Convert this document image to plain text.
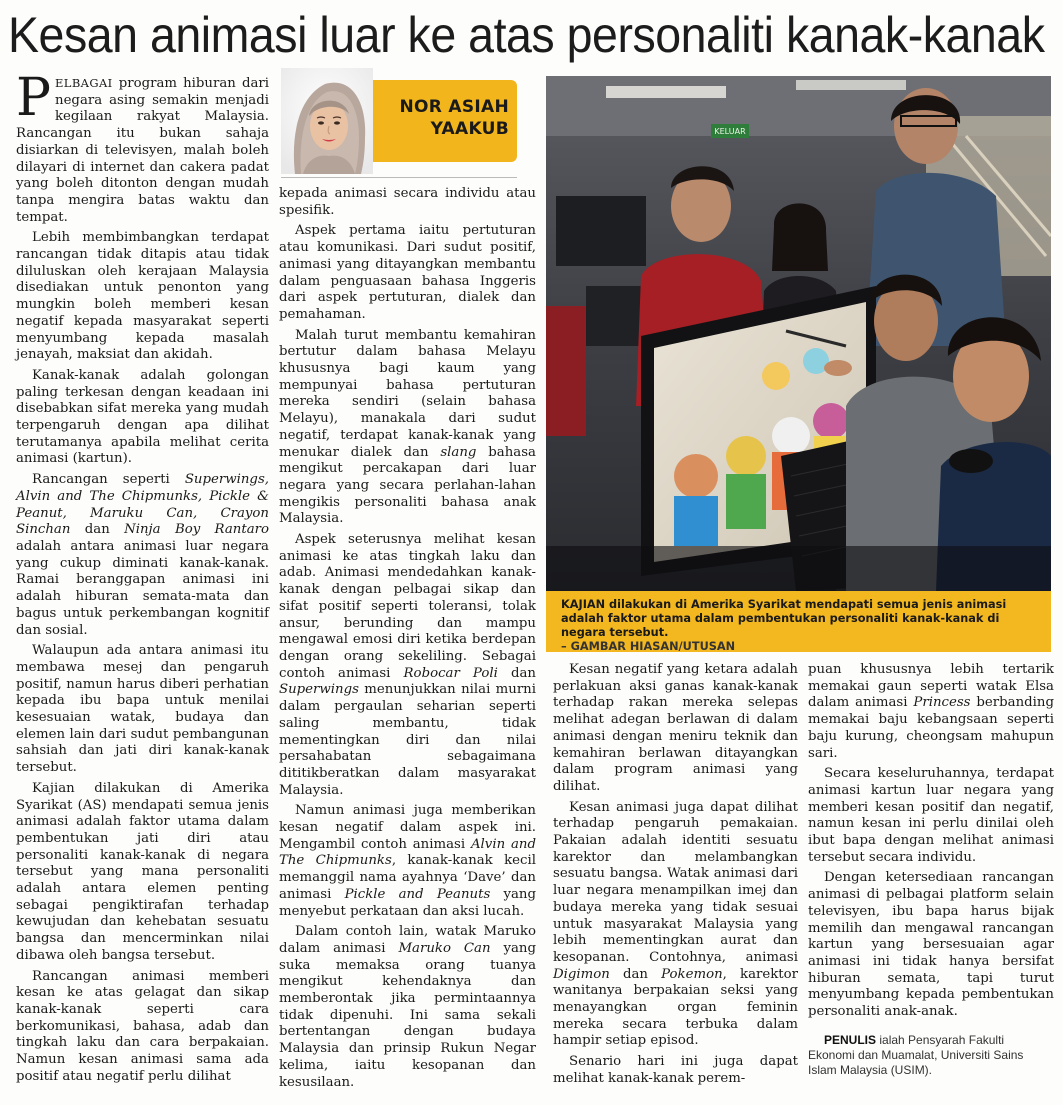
Kesan animasi luar ke atas personaliti kanak-kanak

PELBAGAI program hiburan dari negara asing semakin menjadi kegilaan rakyat Malaysia. Rancangan itu bukan sahaja disiarkan di televisyen, malah boleh dilayari di internet dan cakera padat yang boleh ditonton dengan mudah tanpa mengira batas waktu dan tempat.

Lebih membimbangkan terdapat rancangan tidak ditapis atau tidak diluluskan oleh kerajaan Malaysia disediakan untuk penonton yang mungkin boleh memberi kesan negatif kepada masyarakat seperti menyumbang kepada masalah jenayah, maksiat dan akidah.

Kanak-kanak adalah golongan paling terkesan dengan keadaan ini disebabkan sifat mereka yang mudah terpengaruh dengan apa dilihat terutamanya apabila melihat cerita animasi (kartun).

Rancangan seperti Superwings, Alvin and The Chipmunks, Pickle & Peanut, Maruku Can, Crayon Sinchan dan Ninja Boy Rantaro adalah antara animasi luar negara yang cukup diminati kanak-kanak. Ramai beranggapan animasi ini adalah hiburan semata-mata dan bagus untuk perkembangan kognitif dan sosial.

Walaupun ada antara animasi itu membawa mesej dan pengaruh positif, namun harus diberi perhatian kepada ibu bapa untuk menilai kesesuaian watak, budaya dan elemen lain dari sudut pembangunan sahsiah dan jati diri kanak-kanak tersebut.

Kajian dilakukan di Amerika Syarikat (AS) mendapati semua jenis animasi adalah faktor utama dalam pembentukan jati diri atau personaliti kanak-kanak di negara tersebut yang mana personaliti adalah antara elemen penting sebagai pengiktirafan terhadap kewujudan dan kehebatan sesuatu bangsa dan mencerminkan nilai dibawa oleh bangsa tersebut.

Rancangan animasi memberi kesan ke atas gelagat dan sikap kanak-kanak seperti cara berkomunikasi, bahasa, adab dan tingkah laku dan cara berpakaian. Namun kesan animasi sama ada positif atau negatif perlu dilihat

NOR ASIAH
YAAKUB

kepada animasi secara individu atau spesifik.

Aspek pertama iaitu pertuturan atau komunikasi. Dari sudut positif, animasi yang ditayangkan membantu dalam penguasaan bahasa Inggeris dari aspek pertuturan, dialek dan pemahaman.

Malah turut membantu kemahiran bertutur dalam bahasa Melayu khususnya bagi kaum yang mempunyai bahasa pertuturan mereka sendiri (selain bahasa Melayu), manakala dari sudut negatif, terdapat kanak-kanak yang menukar dialek dan slang bahasa mengikut percakapan dari luar negara yang secara perlahan-lahan mengikis personaliti bahasa anak Malaysia.

Aspek seterusnya melihat kesan animasi ke atas tingkah laku dan adab. Animasi mendedahkan kanak-kanak dengan pelbagai sikap dan sifat positif seperti toleransi, tolak ansur, berunding dan mampu mengawal emosi diri ketika berdepan dengan orang sekeliling. Sebagai contoh animasi Robocar Poli dan Superwings menunjukkan nilai murni dalam pergaulan seharian seperti saling membantu, tidak mementingkan diri dan nilai persahabatan sebagaimana dititikberatkan dalam masyarakat Malaysia.

Namun animasi juga memberikan kesan negatif dalam aspek ini. Mengambil contoh animasi Alvin and The Chipmunks, kanak-kanak kecil memanggil nama ayahnya ‘Dave’ dan animasi Pickle and Peanuts yang menyebut perkataan dan aksi lucah.

Dalam contoh lain, watak Maruko dalam animasi Maruko Can yang suka memaksa orang tuanya mengikut kehendaknya dan memberontak jika permintaannya tidak dipenuhi. Ini sama sekali bertentangan dengan budaya Malaysia dan prinsip Rukun Negar kelima, iaitu kesopanan dan kesusilaan.

KELUAR
KAJIAN dilakukan di Amerika Syarikat mendapati semua jenis animasi adalah faktor utama dalam pembentukan personaliti kanak-kanak di negara tersebut.
– GAMBAR HIASAN/UTUSAN

Kesan negatif yang ketara adalah perlakuan aksi ganas kanak-kanak terhadap rakan mereka selepas melihat adegan berlawan di dalam animasi dengan meniru teknik dan kemahiran berlawan ditayangkan dalam program animasi yang dilihat.

Kesan animasi juga dapat dilihat terhadap pengaruh pemakaian. Pakaian adalah identiti sesuatu karektor dan melambangkan sesuatu bangsa. Watak animasi dari luar negara menampilkan imej dan budaya mereka yang tidak sesuai untuk masyarakat Malaysia yang lebih mementingkan aurat dan kesopanan. Contohnya, animasi Digimon dan Pokemon, karektor wanitanya berpakaian seksi yang menayangkan organ feminin mereka secara terbuka dalam hampir setiap episod.

Senario hari ini juga dapat melihat kanak-kanak perem-

puan khususnya lebih tertarik memakai gaun seperti watak Elsa dalam animasi Princess berbanding memakai baju kebangsaan seperti baju kurung, cheongsam mahupun sari.

Secara keseluruhannya, terdapat animasi kartun luar negara yang memberi kesan positif dan negatif, namun kesan ini perlu dinilai oleh ibut bapa dengan melihat animasi tersebut secara individu.

Dengan ketersediaan rancangan animasi di pelbagai platform selain televisyen, ibu bapa harus bijak memilih dan mengawal rancangan kartun yang bersesuaian agar animasi ini tidak hanya bersifat hiburan semata, tapi turut menyumbang kepada pembentukan personaliti anak-anak.

PENULIS ialah Pensyarah Fakulti Ekonomi dan Muamalat, Universiti Sains Islam Malaysia (USIM).
